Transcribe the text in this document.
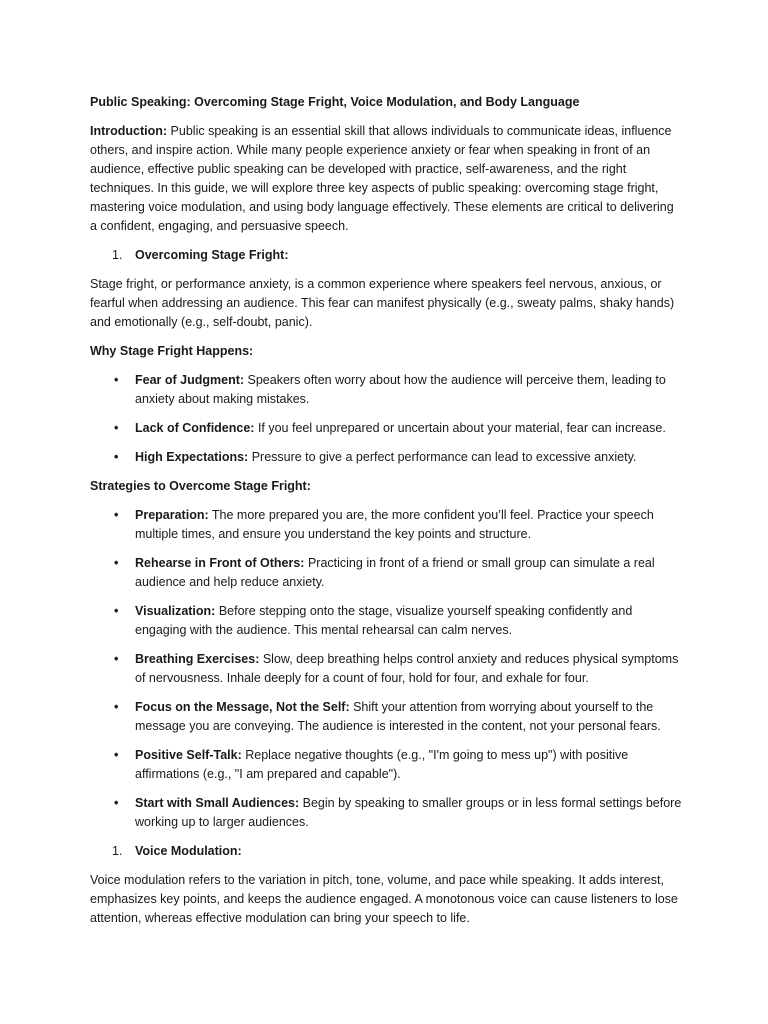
Public Speaking: Overcoming Stage Fright, Voice Modulation, and Body Language

Introduction: Public speaking is an essential skill that allows individuals to communicate ideas, influence others, and inspire action. While many people experience anxiety or fear when speaking in front of an audience, effective public speaking can be developed with practice, self-awareness, and the right techniques. In this guide, we will explore three key aspects of public speaking: overcoming stage fright, mastering voice modulation, and using body language effectively. These elements are critical to delivering a confident, engaging, and persuasive speech.

1. Overcoming Stage Fright:

Stage fright, or performance anxiety, is a common experience where speakers feel nervous, anxious, or fearful when addressing an audience. This fear can manifest physically (e.g., sweaty palms, shaky hands) and emotionally (e.g., self-doubt, panic).

Why Stage Fright Happens:

• Fear of Judgment: Speakers often worry about how the audience will perceive them, leading to anxiety about making mistakes.
• Lack of Confidence: If you feel unprepared or uncertain about your material, fear can increase.
• High Expectations: Pressure to give a perfect performance can lead to excessive anxiety.

Strategies to Overcome Stage Fright:

• Preparation: The more prepared you are, the more confident you’ll feel. Practice your speech multiple times, and ensure you understand the key points and structure.
• Rehearse in Front of Others: Practicing in front of a friend or small group can simulate a real audience and help reduce anxiety.
• Visualization: Before stepping onto the stage, visualize yourself speaking confidently and engaging with the audience. This mental rehearsal can calm nerves.
• Breathing Exercises: Slow, deep breathing helps control anxiety and reduces physical symptoms of nervousness. Inhale deeply for a count of four, hold for four, and exhale for four.
• Focus on the Message, Not the Self: Shift your attention from worrying about yourself to the message you are conveying. The audience is interested in the content, not your personal fears.
• Positive Self-Talk: Replace negative thoughts (e.g., "I'm going to mess up") with positive affirmations (e.g., "I am prepared and capable").
• Start with Small Audiences: Begin by speaking to smaller groups or in less formal settings before working up to larger audiences.

1. Voice Modulation:

Voice modulation refers to the variation in pitch, tone, volume, and pace while speaking. It adds interest, emphasizes key points, and keeps the audience engaged. A monotonous voice can cause listeners to lose attention, whereas effective modulation can bring your speech to life.
